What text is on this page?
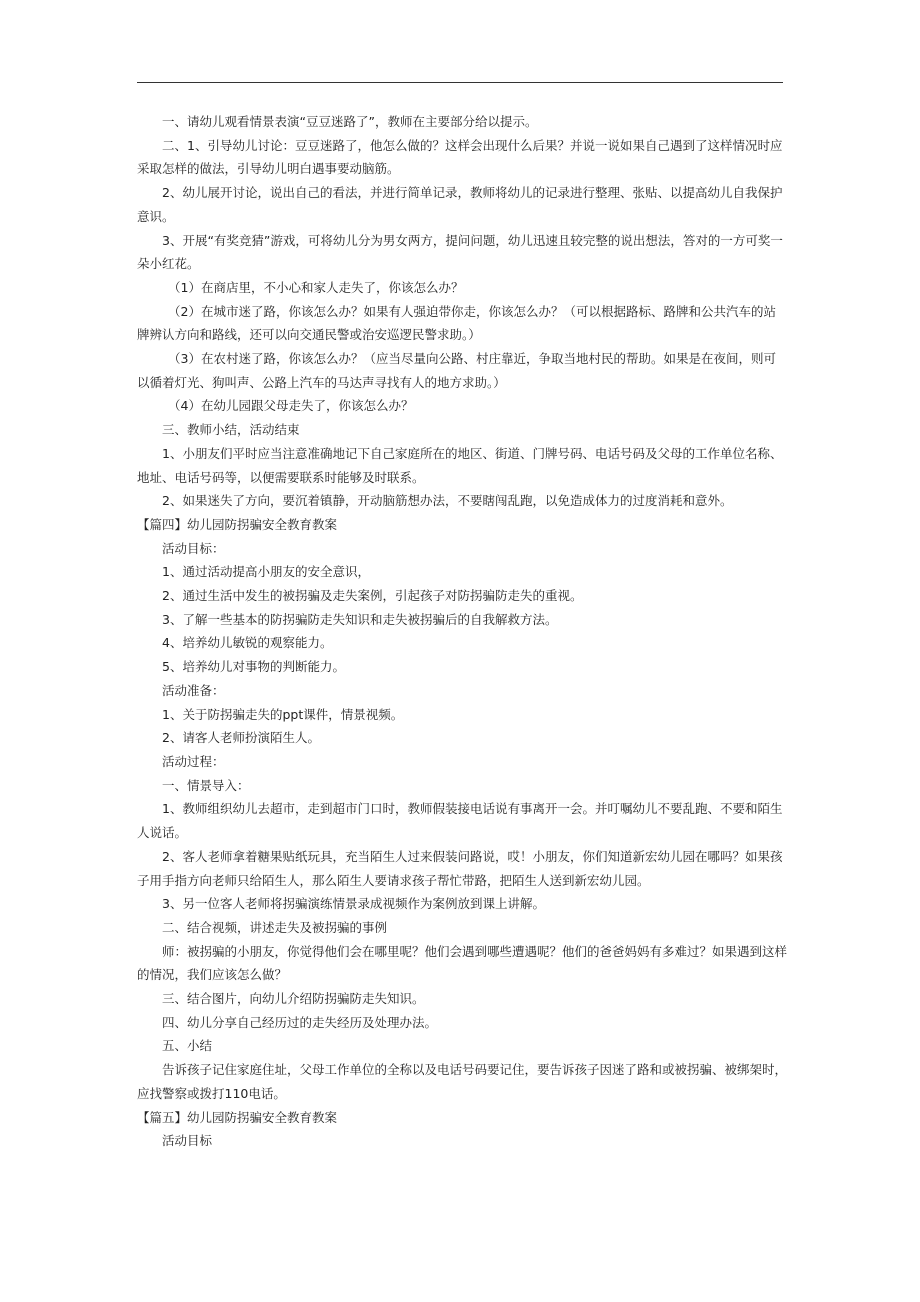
一、请幼儿观看情景表演“豆豆迷路了”，教师在主要部分给以提示。

二、1、引导幼儿讨论：豆豆迷路了，他怎么做的？这样会出现什么后果？并说一说如果自己遇到了这样情况时应采取怎样的做法，引导幼儿明白遇事要动脑筋。

2、幼儿展开讨论，说出自己的看法，并进行简单记录，教师将幼儿的记录进行整理、张贴、以提高幼儿自我保护意识。

3、开展“有奖竞猜”游戏，可将幼儿分为男女两方，提问问题，幼儿迅速且较完整的说出想法，答对的一方可奖一朵小红花。

（1）在商店里，不小心和家人走失了，你该怎么办？

（2）在城市迷了路，你该怎么办？如果有人强迫带你走，你该怎么办？（可以根据路标、路牌和公共汽车的站牌辨认方向和路线，还可以向交通民警或治安巡逻民警求助。）

（3）在农村迷了路，你该怎么办？（应当尽量向公路、村庄靠近，争取当地村民的帮助。如果是在夜间，则可以循着灯光、狗叫声、公路上汽车的马达声寻找有人的地方求助。）

（4）在幼儿园跟父母走失了，你该怎么办？

三、教师小结，活动结束

1、小朋友们平时应当注意准确地记下自己家庭所在的地区、街道、门牌号码、电话号码及父母的工作单位名称、地址、电话号码等，以便需要联系时能够及时联系。

2、如果迷失了方向，要沉着镇静，开动脑筋想办法，不要瞎闯乱跑，以免造成体力的过度消耗和意外。

【篇四】幼儿园防拐骗安全教育教案

活动目标：

1、通过活动提高小朋友的安全意识，

2、通过生活中发生的被拐骗及走失案例，引起孩子对防拐骗防走失的重视。

3、了解一些基本的防拐骗防走失知识和走失被拐骗后的自我解救方法。

4、培养幼儿敏锐的观察能力。

5、培养幼儿对事物的判断能力。

活动准备：

1、关于防拐骗走失的ppt课件，情景视频。

2、请客人老师扮演陌生人。

活动过程：

一、情景导入：

1、教师组织幼儿去超市，走到超市门口时，教师假装接电话说有事离开一会。并叮嘱幼儿不要乱跑、不要和陌生人说话。

2、客人老师拿着糖果贴纸玩具，充当陌生人过来假装问路说，哎！小朋友，你们知道新宏幼儿园在哪吗？如果孩子用手指方向老师只给陌生人，那么陌生人要请求孩子帮忙带路，把陌生人送到新宏幼儿园。

3、另一位客人老师将拐骗演练情景录成视频作为案例放到课上讲解。

二、结合视频，讲述走失及被拐骗的事例

师：被拐骗的小朋友，你觉得他们会在哪里呢？他们会遇到哪些遭遇呢？他们的爸爸妈妈有多难过？如果遇到这样的情况，我们应该怎么做？

三、结合图片，向幼儿介绍防拐骗防走失知识。

四、幼儿分享自己经历过的走失经历及处理办法。

五、小结

告诉孩子记住家庭住址，父母工作单位的全称以及电话号码要记住，要告诉孩子因迷了路和或被拐骗、被绑架时，应找警察或拨打110电话。

【篇五】幼儿园防拐骗安全教育教案

活动目标
